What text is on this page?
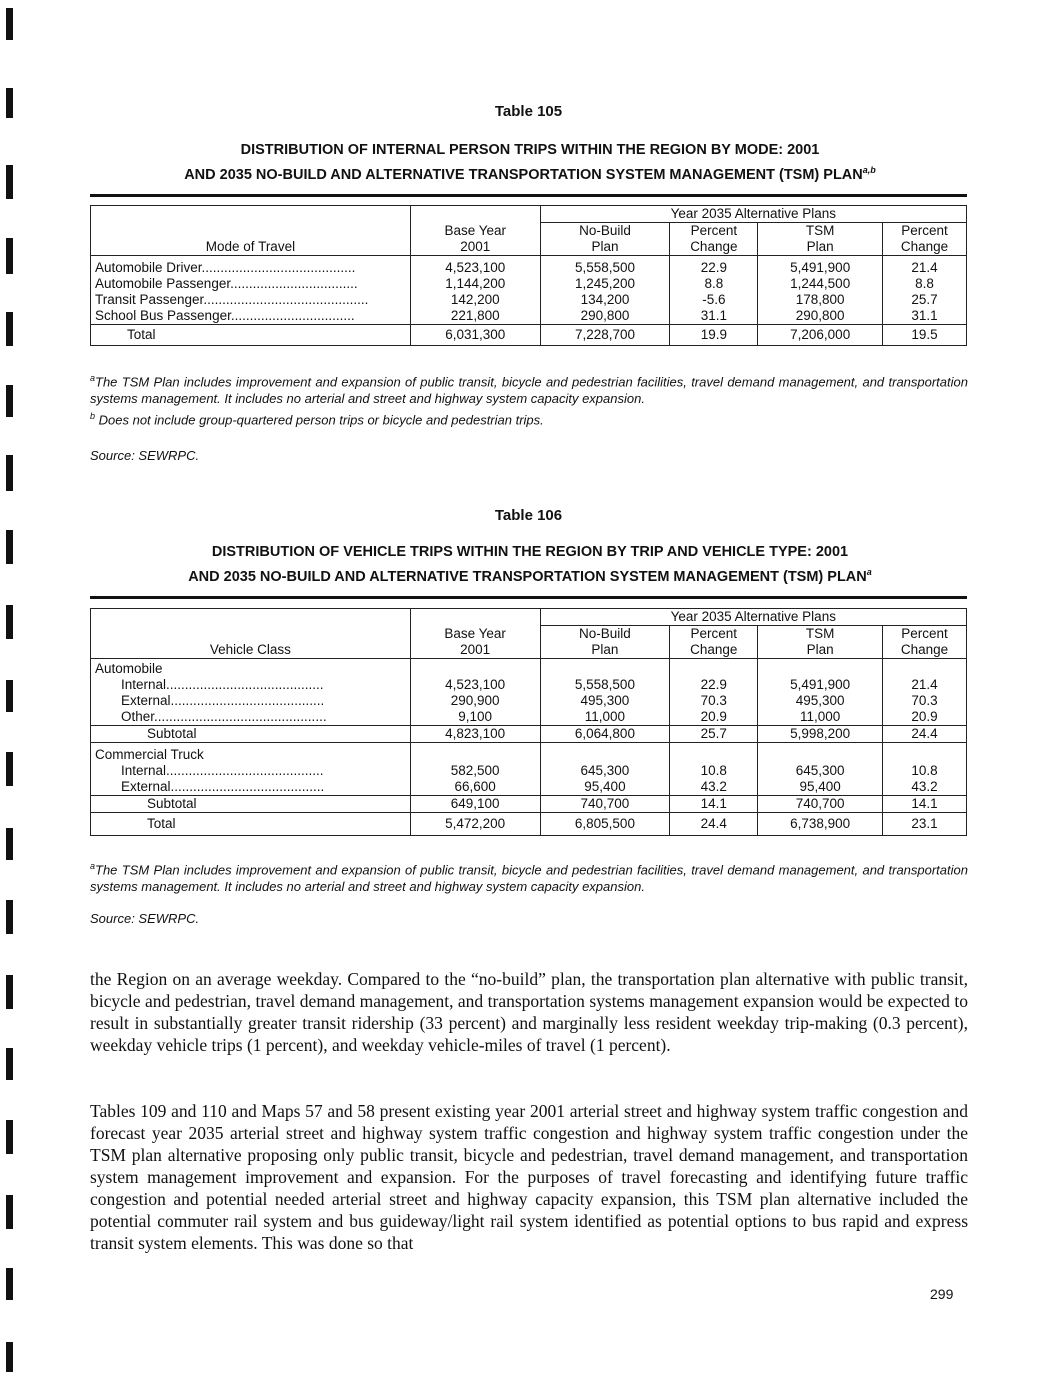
Table 105
DISTRIBUTION OF INTERNAL PERSON TRIPS WITHIN THE REGION BY MODE: 2001
AND 2035 NO-BUILD AND ALTERNATIVE TRANSPORTATION SYSTEM MANAGEMENT (TSM) PLAN$^{a,b}$
		Year 2035 Alternative Plans			
	Base Year	No-Build	Percent	TSM	Percent
Mode of Travel	2001	Plan	Change	Plan	Change
Automobile Driver.........................................	4,523,100	5,558,500	22.9	5,491,900	21.4
Automobile Passenger..................................	1,144,200	1,245,200	8.8	1,244,500	8.8
Transit Passenger............................................	142,200	134,200	-5.6	178,800	25.7
School Bus Passenger.................................	221,800	290,800	31.1	290,800	31.1
Total	6,031,300	7,228,700	19.9	7,206,000	19.5
$^a$The TSM Plan includes improvement and expansion of public transit, bicycle and pedestrian facilities, travel demand management, and transportation systems management. It includes no arterial and street and highway system capacity expansion.
$^b$ Does not include group-quartered person trips or bicycle and pedestrian trips.
Source: SEWRPC.
Table 106
DISTRIBUTION OF VEHICLE TRIPS WITHIN THE REGION BY TRIP AND VEHICLE TYPE: 2001
AND 2035 NO-BUILD AND ALTERNATIVE TRANSPORTATION SYSTEM MANAGEMENT (TSM) PLAN$^a$
		Year 2035 Alternative Plans			
	Base Year	No-Build	Percent	TSM	Percent
Vehicle Class	2001	Plan	Change	Plan	Change
Automobile					
Internal..........................................	4,523,100	5,558,500	22.9	5,491,900	21.4
External.........................................	290,900	495,300	70.3	495,300	70.3
Other..............................................	9,100	11,000	20.9	11,000	20.9
Subtotal	4,823,100	6,064,800	25.7	5,998,200	24.4
Commercial Truck					
Internal..........................................	582,500	645,300	10.8	645,300	10.8
External.........................................	66,600	95,400	43.2	95,400	43.2
Subtotal	649,100	740,700	14.1	740,700	14.1
Total	5,472,200	6,805,500	24.4	6,738,900	23.1
$^a$The TSM Plan includes improvement and expansion of public transit, bicycle and pedestrian facilities, travel demand management, and transportation systems management. It includes no arterial and street and highway system capacity expansion.
Source: SEWRPC.
the Region on an average weekday. Compared to the “no-build” plan, the transportation plan alternative with public transit, bicycle and pedestrian, travel demand management, and transportation systems management expansion would be expected to result in substantially greater transit ridership (33 percent) and marginally less resident weekday trip-making (0.3 percent), weekday vehicle trips (1 percent), and weekday vehicle-miles of travel (1 percent).
Tables 109 and 110 and Maps 57 and 58 present existing year 2001 arterial street and highway system traffic congestion and forecast year 2035 arterial street and highway system traffic congestion and highway system traffic congestion under the TSM plan alternative proposing only public transit, bicycle and pedestrian, travel demand management, and transportation system management improvement and expansion. For the purposes of travel forecasting and identifying future traffic congestion and potential needed arterial street and highway capacity expansion, this TSM plan alternative included the potential commuter rail system and bus guideway/light rail system identified as potential options to bus rapid and express transit system elements. This was done so that
299
